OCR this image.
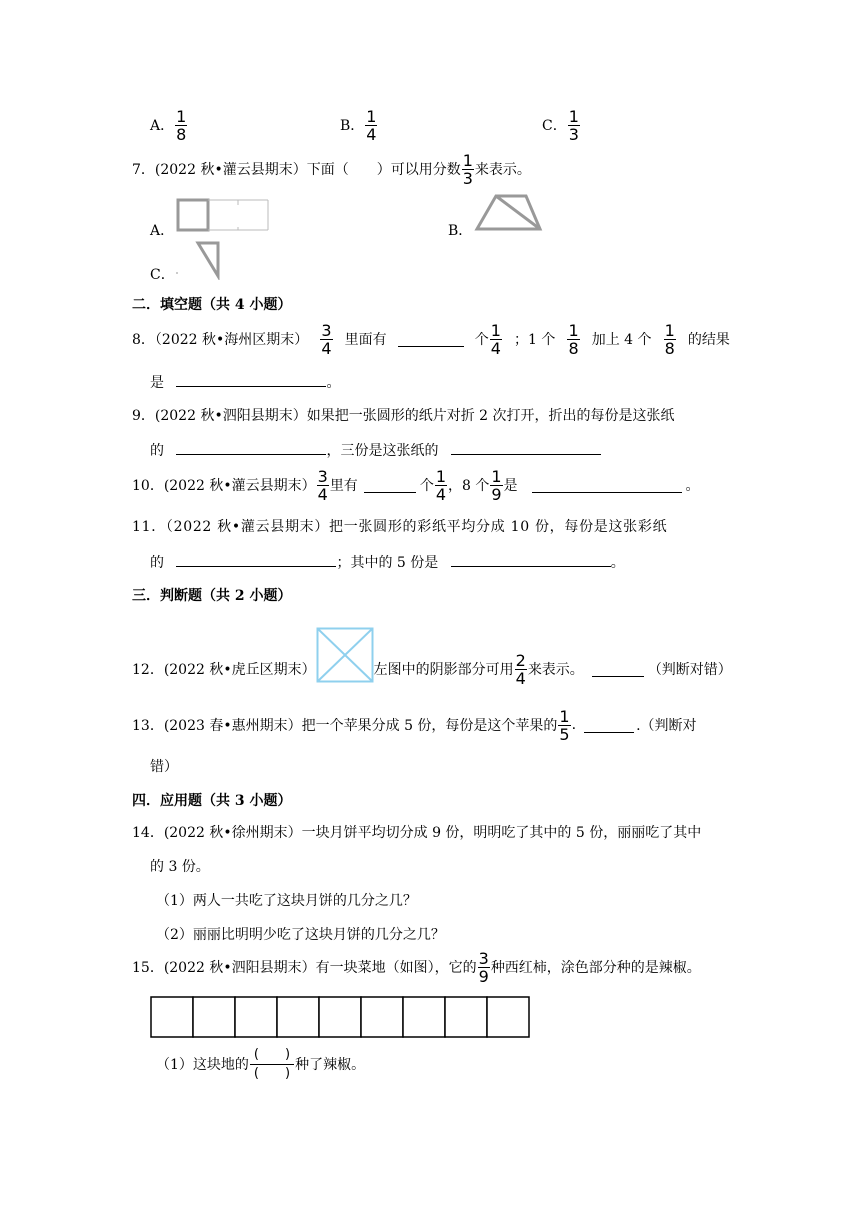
A． $\frac{1}{8}$	B． $\frac{1}{4}$	C． $\frac{1}{3}$
7．(2022 秋•灌云县期末）下面（　　）可以用分数 $\frac{1}{3}$ 来表示。
A．	B．
C．
二．填空题（共 4 小题）
8．（2022 秋•海州区期末） $\frac{3}{4}$ 里面有	个 $\frac{1}{4}$ ；1 个 $\frac{1}{8}$ 加上 4 个 $\frac{1}{8}$ 的结果
是	。
9．(2022 秋•泗阳县期末）如果把一张圆形的纸片对折 2 次打开，折出的每份是这张纸
的	，三份是这张纸的
10．(2022 秋•灌云县期末） $\frac{3}{4}$ 里有	个 $\frac{1}{4}$ ，8 个 $\frac{1}{9}$ 是	。
11．（2022 秋•灌云县期末）把一张圆形的彩纸平均分成 10 份，每份是这张彩纸
的	；其中的 5 份是	。
三．判断题（共 2 小题）
12．(2022 秋•虎丘区期末）	左图中的阴影部分可用 $\frac{2}{4}$ 来表示。	（判断对错）
13．(2023 春•惠州期末）把一个苹果分成 5 份，每份是这个苹果的 $\frac{1}{5}$ .	.（判断对
错）
四．应用题（共 3 小题）
14．(2022 秋•徐州期末）一块月饼平均切分成 9 份，明明吃了其中的 5 份，丽丽吃了其中
的 3 份。
（1）两人一共吃了这块月饼的几分之几？
（2）丽丽比明明少吃了这块月饼的几分之几？
15．(2022 秋•泗阳县期末）有一块菜地（如图），它的 $\frac{3}{9}$ 种西红柿，涂色部分种的是辣椒。
（1）这块地的 $\frac{( )}{( )}$ 种了辣椒。
